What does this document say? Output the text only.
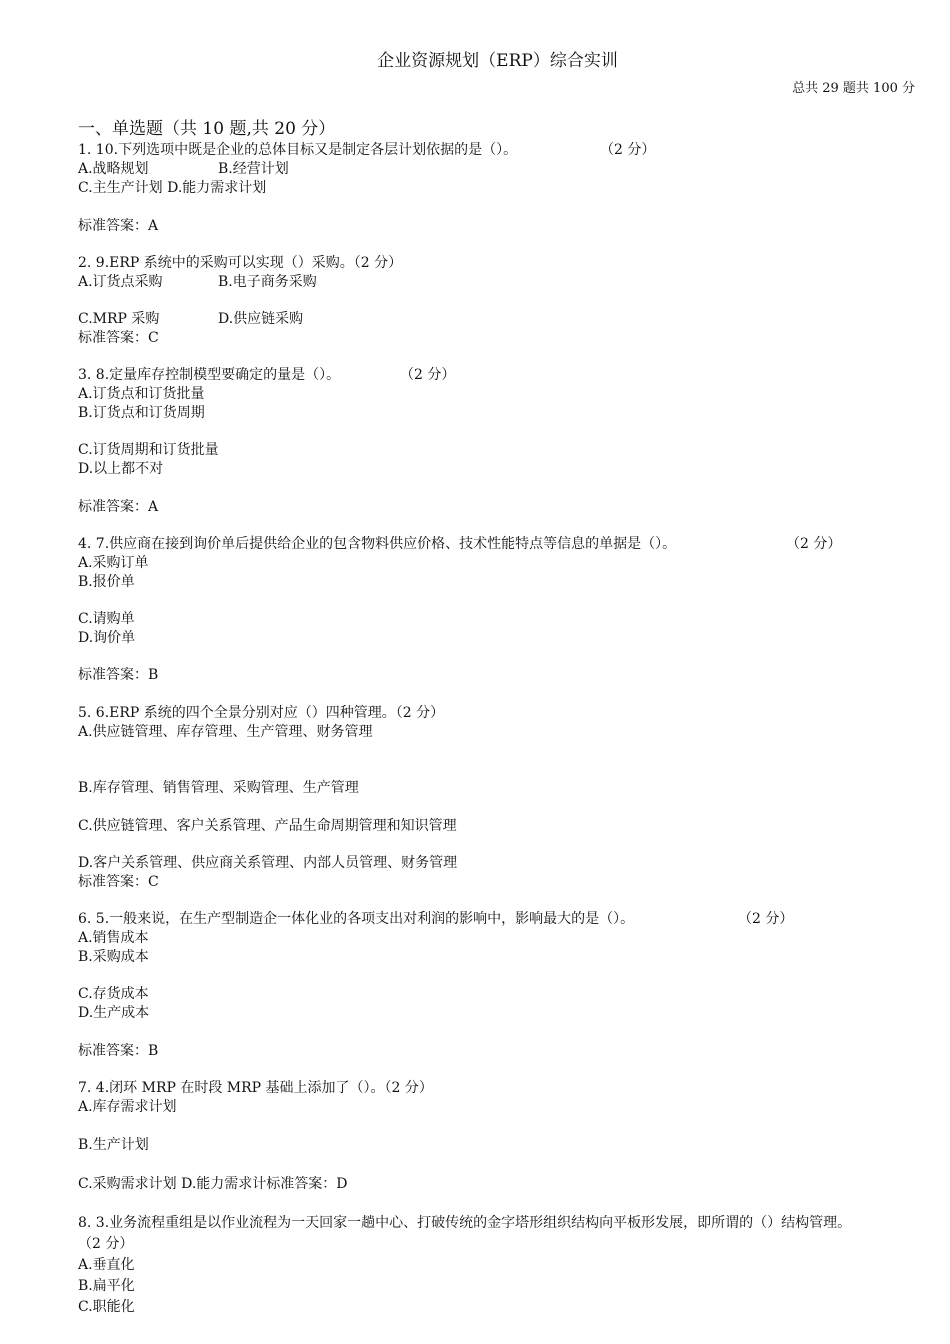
企业资源规划（ERP）综合实训
总共 29 题共 100 分
一、单选题（共 10 题,共 20 分）
1. 10.下列选项中既是企业的总体目标又是制定各层计划依据的是（）。	（2 分）
A.战略规划	B.经营计划
C.主生产计划 D.能力需求计划
标准答案：A
2. 9.ERP 系统中的采购可以实现（）采购。（2 分）
A.订货点采购	B.电子商务采购
C.MRP 采购	D.供应链采购
标准答案：C
3. 8.定量库存控制模型要确定的量是（）。	（2 分）
A.订货点和订货批量
B.订货点和订货周期
C.订货周期和订货批量
D.以上都不对
标准答案：A
4. 7.供应商在接到询价单后提供给企业的包含物料供应价格、技术性能特点等信息的单据是（）。	（2 分）
A.采购订单
B.报价单
C.请购单
D.询价单
标准答案：B
5. 6.ERP 系统的四个全景分别对应（）四种管理。（2 分）
A.供应链管理、库存管理、生产管理、财务管理
B.库存管理、销售管理、采购管理、生产管理
C.供应链管理、客户关系管理、产品生命周期管理和知识管理
D.客户关系管理、供应商关系管理、内部人员管理、财务管理
标准答案：C
6. 5.一般来说，在生产型制造企一体化业的各项支出对利润的影响中，影响最大的是（）。	（2 分）
A.销售成本
B.采购成本
C.存货成本
D.生产成本
标准答案：B
7. 4.闭环 MRP 在时段 MRP 基础上添加了（）。（2 分）
A.库存需求计划
B.生产计划
C.采购需求计划 D.能力需求计标准答案：D
8. 3.业务流程重组是以作业流程为一天回家一趟中心、打破传统的金字塔形组织结构向平板形发展，即所谓的（）结构管理。
（2 分）
A.垂直化
B.扁平化
C.职能化
